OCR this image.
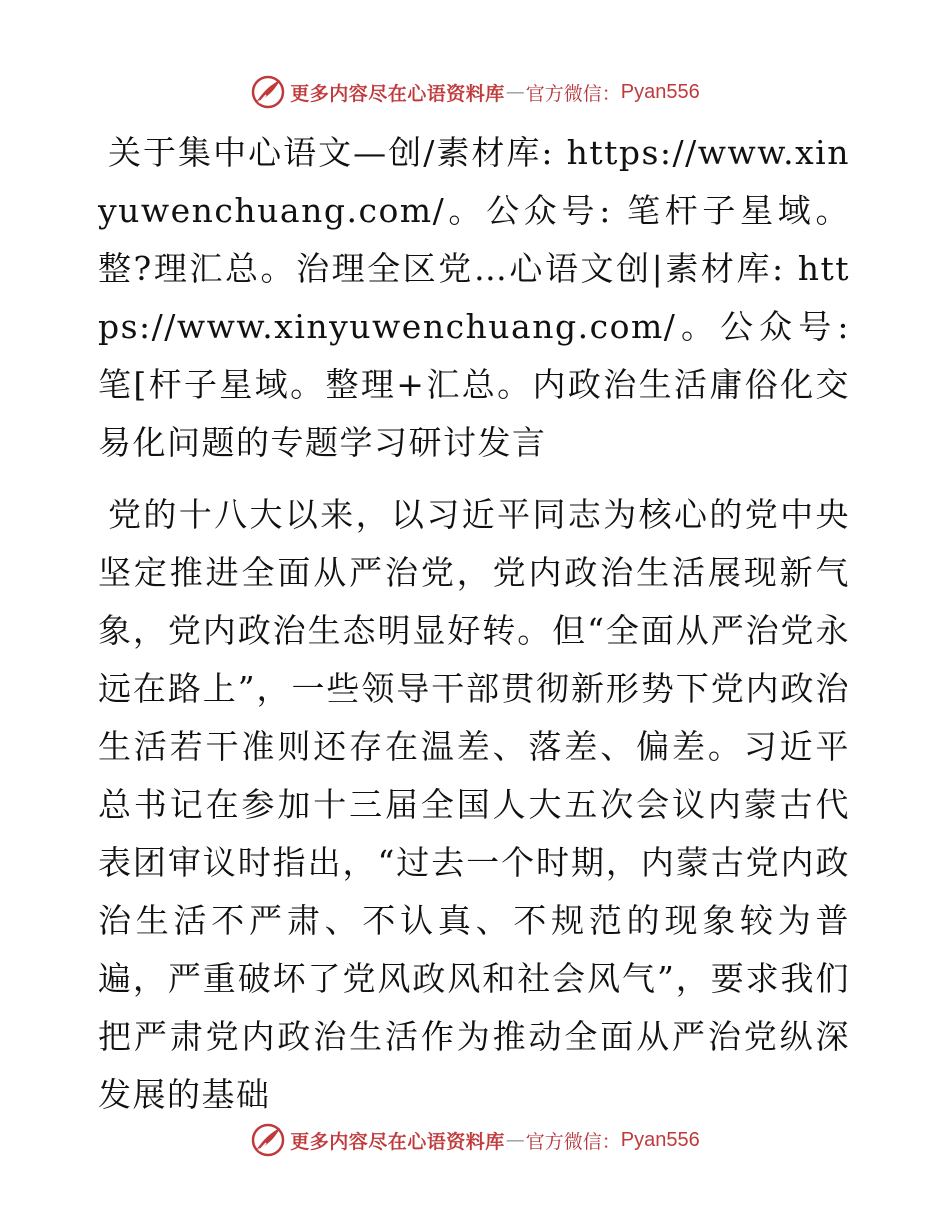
更多内容尽在心语资料库 — 官方微信： Pyan556

关于集中心语文—创/素材库: https://www.xinyuwenchuang.com/。公众号: 笔杆子星域。整?理汇总。治理全区党…心语文创|素材库: https://www.xinyuwenchuang.com/。公众号: 笔[杆子星域。整理+汇总。内政治生活庸俗化交易化问题的专题学习研讨发言

党的十八大以来，以习近平同志为核心的党中央坚定推进全面从严治党，党内政治生活展现新气象，党内政治生态明显好转。但“全面从严治党永远在路上”，一些领导干部贯彻新形势下党内政治生活若干准则还存在温差、落差、偏差。习近平总书记在参加十三届全国人大五次会议内蒙古代表团审议时指出，“过去一个时期，内蒙古党内政治生活不严肃、不认真、不规范的现象较为普遍，严重破坏了党风政风和社会风气”，要求我们把严肃党内政治生活作为推动全面从严治党纵深发展的基础

更多内容尽在心语资料库 — 官方微信： Pyan556
